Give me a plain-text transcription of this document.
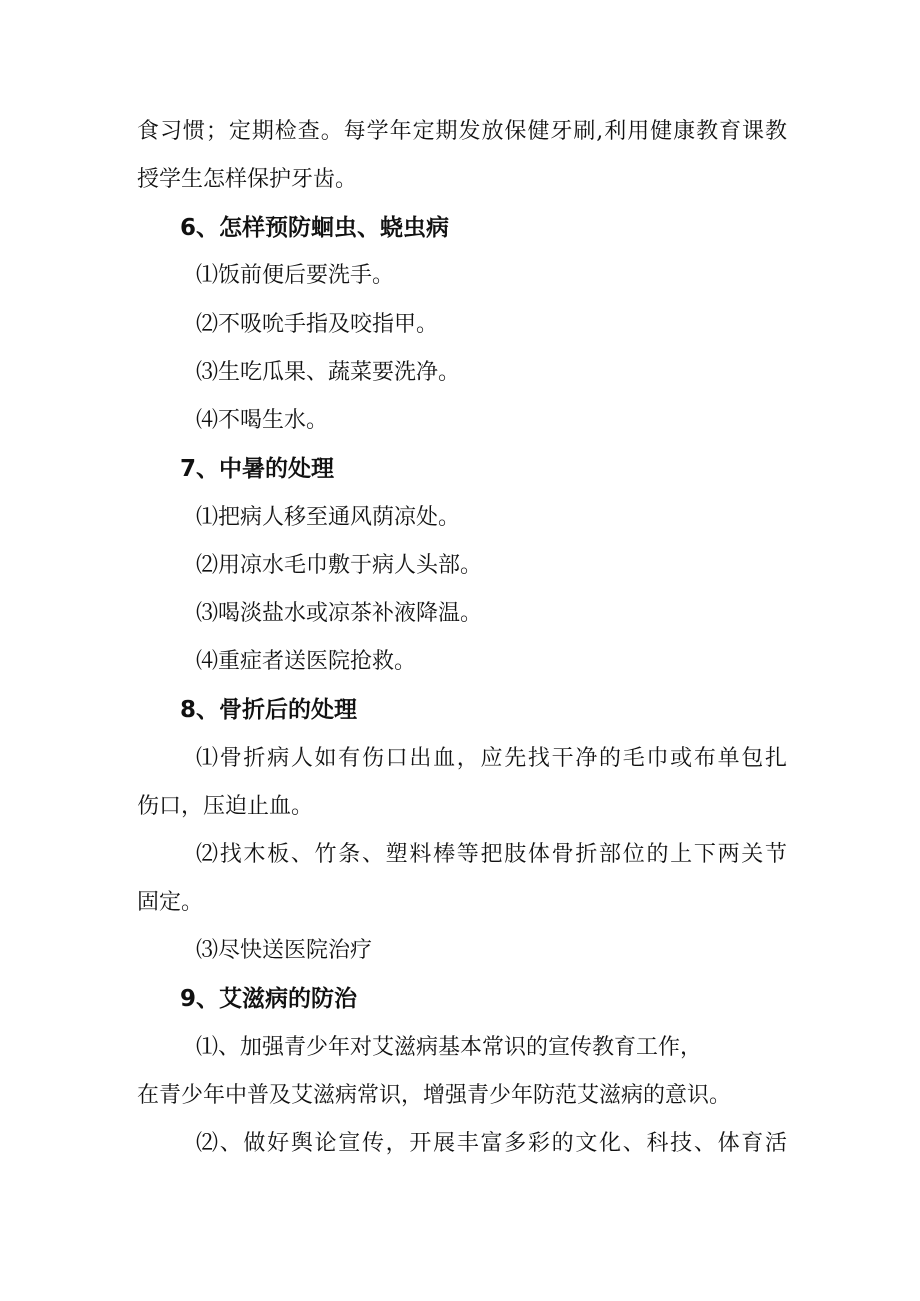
食习惯；定期检查。每学年定期发放保健牙刷,利用健康教育课教
授学生怎样保护牙齿。
6、怎样预防蛔虫、蛲虫病
⑴饭前便后要洗手。
⑵不吸吮手指及咬指甲。
⑶生吃瓜果、蔬菜要洗净。
⑷不喝生水。
7、中暑的处理
⑴把病人移至通风荫凉处。
⑵用凉水毛巾敷于病人头部。
⑶喝淡盐水或凉茶补液降温。
⑷重症者送医院抢救。
8、骨折后的处理
⑴骨折病人如有伤口出血，应先找干净的毛巾或布单包扎
伤口，压迫止血。
⑵找木板、竹条、塑料棒等把肢体骨折部位的上下两关节
固定。
⑶尽快送医院治疗
9、艾滋病的防治
⑴、加强青少年对艾滋病基本常识的宣传教育工作，
在青少年中普及艾滋病常识，增强青少年防范艾滋病的意识。
⑵、做好舆论宣传，开展丰富多彩的文化、科技、体育活
